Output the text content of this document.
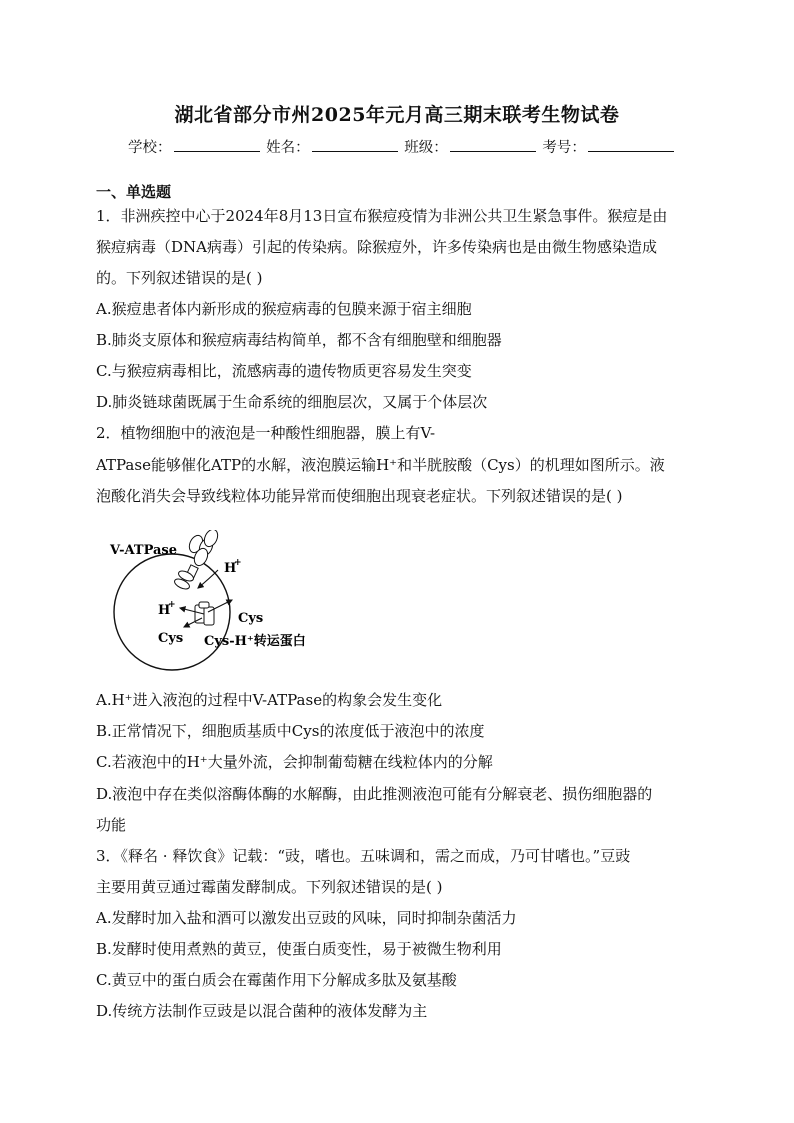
湖北省部分市州2025年元月高三期末联考生物试卷
学校：	姓名：	班级：	考号：
一、单选题
1．非洲疾控中心于2024年8月13日宣布猴痘疫情为非洲公共卫生紧急事件。猴痘是由
猴痘病毒（DNA病毒）引起的传染病。除猴痘外，许多传染病也是由微生物感染造成
的。下列叙述错误的是( )
A.猴痘患者体内新形成的猴痘病毒的包膜来源于宿主细胞
B.肺炎支原体和猴痘病毒结构简单，都不含有细胞壁和细胞器
C.与猴痘病毒相比，流感病毒的遗传物质更容易发生突变
D.肺炎链球菌既属于生命系统的细胞层次，又属于个体层次
2．植物细胞中的液泡是一种酸性细胞器，膜上有V-
ATPase能够催化ATP的水解，液泡膜运输H⁺和半胱胺酸（Cys）的机理如图所示。液
泡酸化消失会导致线粒体功能异常而使细胞出现衰老症状。下列叙述错误的是( )
V-ATPase
H
+
H
+
Cys
Cys Cys-H⁺转运蛋白
A.H⁺进入液泡的过程中V-ATPase的构象会发生变化
B.正常情况下，细胞质基质中Cys的浓度低于液泡中的浓度
C.若液泡中的H⁺大量外流，会抑制葡萄糖在线粒体内的分解
D.液泡中存在类似溶酶体酶的水解酶，由此推测液泡可能有分解衰老、损伤细胞器的
功能
3．《释名 · 释饮食》记载：“豉，嗜也。五味调和，需之而成，乃可甘嗜也。”豆豉
主要用黄豆通过霉菌发酵制成。下列叙述错误的是( )
A.发酵时加入盐和酒可以激发出豆豉的风味，同时抑制杂菌活力
B.发酵时使用煮熟的黄豆，使蛋白质变性，易于被微生物利用
C.黄豆中的蛋白质会在霉菌作用下分解成多肽及氨基酸
D.传统方法制作豆豉是以混合菌种的液体发酵为主
